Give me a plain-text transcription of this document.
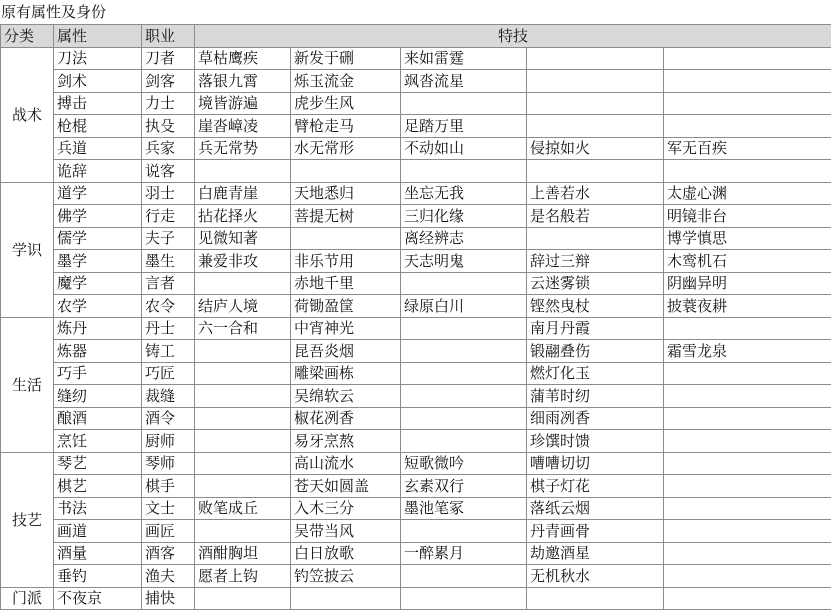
原有属性及身份
分类	属性	职业	特技				
战术	刀法	刀者	草枯鹰疾	新发于硎	来如雷霆		
	剑术	剑客	落银九霄	烁玉流金	飒沓流星		
	搏击	力士	境皆游遍	虎步生风			
	枪棍	执殳	崖沓嶂凌	臂枪走马	足踏万里		
	兵道	兵家	兵无常势	水无常形	不动如山	侵掠如火	军无百疾
	诡辞	说客					
学识	道学	羽士	白鹿青崖	天地悉归	坐忘无我	上善若水	太虚心渊
	佛学	行走	拈花择火	菩提无树	三归化缘	是名般若	明镜非台
	儒学	夫子	见微知著		离经辨志		博学慎思
	墨学	墨生	兼爱非攻	非乐节用	天志明鬼	辞过三辩	木鸾机石
	魔学	言者		赤地千里		云迷雾锁	阴幽异明
	农学	农令	结庐人境	荷锄盈筐	绿原白川	铿然曳杖	披蓑夜耕
生活	炼丹	丹士	六一合和	中宵神光		南月丹霞	
	炼器	铸工		昆吾炎烟		锻翮叠伤	霜雪龙泉
	巧手	巧匠		雕梁画栋		燃灯化玉	
	缝纫	裁缝		吴绵软云		蒲苇时纫	
	酿酒	酒令		椒花冽香		细雨冽香	
	烹饪	厨师		易牙烹熬		珍馔时馈	
技艺	琴艺	琴师		高山流水	短歌微吟	嘈嘈切切	
	棋艺	棋手		苍天如圆盖	玄素双行	棋子灯花	
	书法	文士	败笔成丘	入木三分	墨池笔冢	落纸云烟	
	画道	画匠		吴带当风		丹青画骨	
	酒量	酒客	酒酣胸坦	白日放歌	一醉累月	劫邀酒星	
	垂钓	渔夫	愿者上钩	钓笠披云		无机秋水	
门派	不夜京	捕快					
